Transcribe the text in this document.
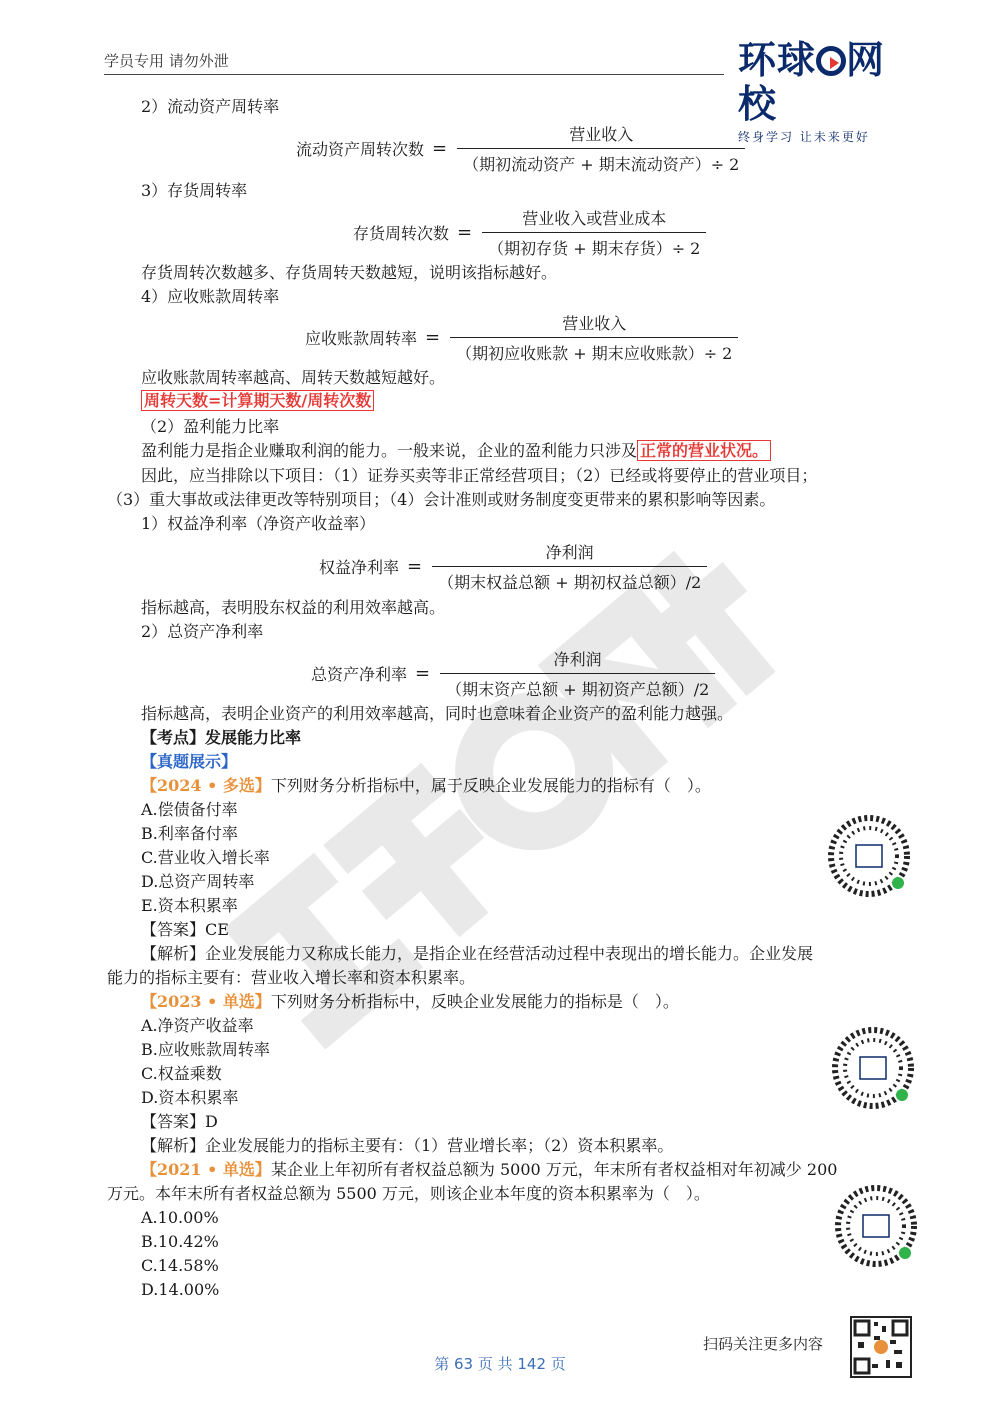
学员专用 请勿外泄	环球 网校
终身学习 让未来更好
2）流动资产周转率
流动资产周转次数 = $\frac{\text{营业收入}}{\text{（期初流动资产 + 期末流动资产）÷ 2}}$
3）存货周转率
存货周转次数 = $\frac{\text{营业收入或营业成本}}{\text{（期初存货 + 期末存货）÷ 2}}$
存货周转次数越多、存货周转天数越短，说明该指标越好。
4）应收账款周转率
应收账款周转率 = $\frac{\text{营业收入}}{\text{（期初应收账款 + 期末应收账款）÷ 2}}$
应收账款周转率越高、周转天数越短越好。
周转天数=计算期天数/周转次数
（2）盈利能力比率
盈利能力是指企业赚取利润的能力。一般来说，企业的盈利能力只涉及 正常的营业状况。
因此，应当排除以下项目：（1）证券买卖等非正常经营项目；（2）已经或将要停止的营业项目；
（3）重大事故或法律更改等特别项目；（4）会计准则或财务制度变更带来的累积影响等因素。
1）权益净利率（净资产收益率）
权益净利率 = $\frac{\text{净利润}}{\text{（期末权益总额 + 期初权益总额）/2}}$
指标越高，表明股东权益的利用效率越高。
2）总资产净利率
总资产净利率 = $\frac{\text{净利润}}{\text{（期末资产总额 + 期初资产总额）/2}}$
指标越高，表明企业资产的利用效率越高，同时也意味着企业资产的盈利能力越强。
【考点】发展能力比率
【真题展示】
【2024 • 多选】下列财务分析指标中，属于反映企业发展能力的指标有（　）。
A.偿债备付率
B.利率备付率
C.营业收入增长率
D.总资产周转率
E.资本积累率
【答案】CE
【解析】企业发展能力又称成长能力，是指企业在经营活动过程中表现出的增长能力。企业发展
能力的指标主要有：营业收入增长率和资本积累率。
【2023 • 单选】下列财务分析指标中，反映企业发展能力的指标是（　）。
A.净资产收益率
B.应收账款周转率
C.权益乘数
D.资本积累率
【答案】D
【解析】企业发展能力的指标主要有：（1）营业增长率；（2）资本积累率。
【2021 • 单选】某企业上年初所有者权益总额为 5000 万元，年末所有者权益相对年初减少 200
万元。本年末所有者权益总额为 5500 万元，则该企业本年度的资本积累率为（　）。
A.10.00%
B.10.42%
C.14.58%
D.14.00%
扫码关注更多内容
第 63 页 共 142 页
